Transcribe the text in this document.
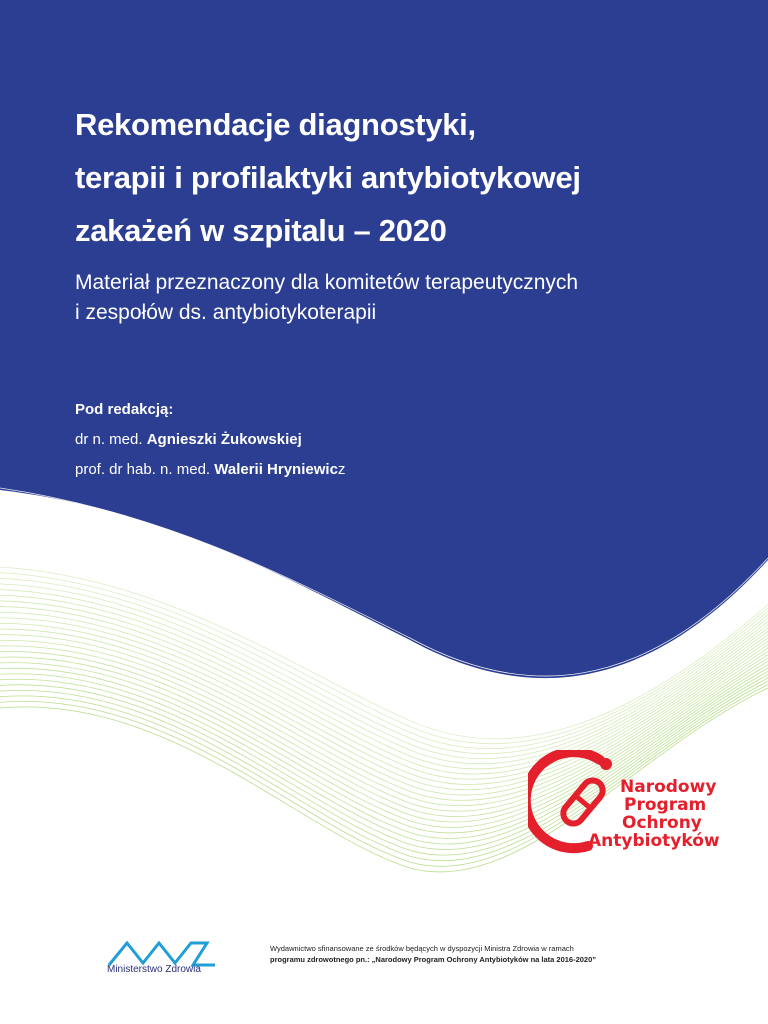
Rekomendacje diagnostyki,
terapii i profilaktyki antybiotykowej
zakażeń w szpitalu – 2020
Materiał przeznaczony dla komitetów terapeutycznych
i zespołów ds. antybiotykoterapii
Pod redakcją:
dr n. med. Agnieszki Żukowskiej
prof. dr hab. n. med. Walerii Hryniewicz
Narodowy
Program
Ochrony
Antybiotyków
Ministerstwo Zdrowia
Wydawnictwo sfinansowane ze środków będących w dyspozycji Ministra Zdrowia w ramach
programu zdrowotnego pn.: „Narodowy Program Ochrony Antybiotyków na lata 2016-2020”
